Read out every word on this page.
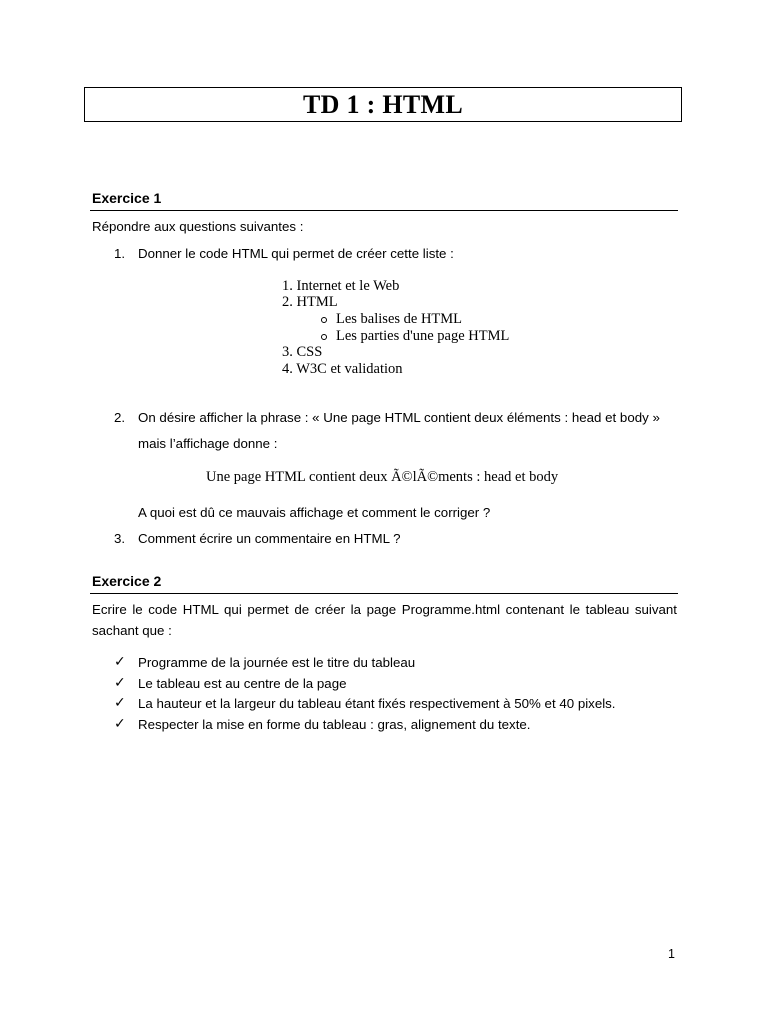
TD 1 : HTML
Exercice 1
Répondre aux questions suivantes :
1. Donner le code HTML qui permet de créer cette liste :
1. Internet et le Web
2. HTML
Les balises de HTML
Les parties d'une page HTML
3. CSS
4. W3C et validation
2. On désire afficher la phrase : « Une page HTML contient deux éléments : head et body »
mais l’affichage donne :
Une page HTML contient deux Ã©lÃ©ments : head et body
A quoi est dû ce mauvais affichage et comment le corriger ?
3. Comment écrire un commentaire en HTML ?
Exercice 2
Ecrire le code HTML qui permet de créer la page Programme.html contenant le tableau suivant sachant que :
✓ Programme de la journée est le titre du tableau
✓ Le tableau est au centre de la page
✓ La hauteur et la largeur du tableau étant fixés respectivement à 50% et 40 pixels.
✓ Respecter la mise en forme du tableau : gras, alignement du texte.
1
